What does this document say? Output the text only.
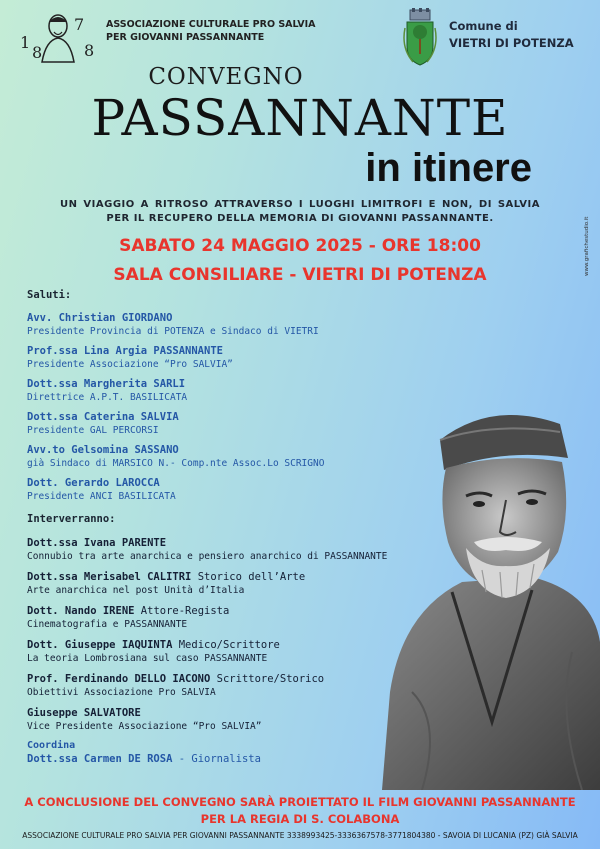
1
8
7
8
ASSOCIAZIONE CULTURALE PRO SALVIA
PER GIOVANNI PASSANNANTE
Comune di
VIETRI DI POTENZA
CONVEGNO
PASSANNANTE
in itinere
UN VIAGGIO A RITROSO ATTRAVERSO I LUOGHI LIMITROFI E NON, DI SALVIA PER IL RECUPERO DELLA MEMORIA DI GIOVANNI PASSANNANTE.
SABATO 24 MAGGIO 2025 - ORE 18:00
SALA CONSILIARE - VIETRI DI POTENZA	www.grafichestudio.it
Saluti:
Avv. Christian GIORDANO
Presidente Provincia di POTENZA e Sindaco di VIETRI
Prof.ssa Lina Argia PASSANNANTE
Presidente Associazione “Pro SALVIA”
Dott.ssa Margherita SARLI
Direttrice A.P.T. BASILICATA
Dott.ssa Caterina SALVIA
Presidente GAL PERCORSI
Avv.to Gelsomina SASSANO
già Sindaco di MARSICO N.- Comp.nte Assoc.Lo SCRIGNO
Dott. Gerardo LAROCCA
Presidente ANCI BASILICATA
Interverranno:
Dott.ssa Ivana PARENTE
Connubio tra arte anarchica e pensiero anarchico di PASSANNANTE
Dott.ssa Merisabel CALITRI Storico dell’Arte
Arte anarchica nel post Unità d’Italia
Dott. Nando IRENE Attore-Regista
Cinematografia e PASSANNANTE
Dott. Giuseppe IAQUINTA Medico/Scrittore
La teoria Lombrosiana sul caso PASSANNANTE
Prof. Ferdinando DELLO IACONO Scrittore/Storico
Obiettivi Associazione Pro SALVIA
Giuseppe SALVATORE
Vice Presidente Associazione “Pro SALVIA”
Coordina
Dott.ssa Carmen DE ROSA - Giornalista
A CONCLUSIONE DEL CONVEGNO SARÀ PROIETTATO IL FILM GIOVANNI PASSANNANTE
PER LA REGIA DI S. COLABONA
ASSOCIAZIONE CULTURALE PRO SALVIA PER GIOVANNI PASSANNANTE 3338993425-3336367578-3771804380 - SAVOIA DI LUCANIA (PZ) GIÀ SALVIA
